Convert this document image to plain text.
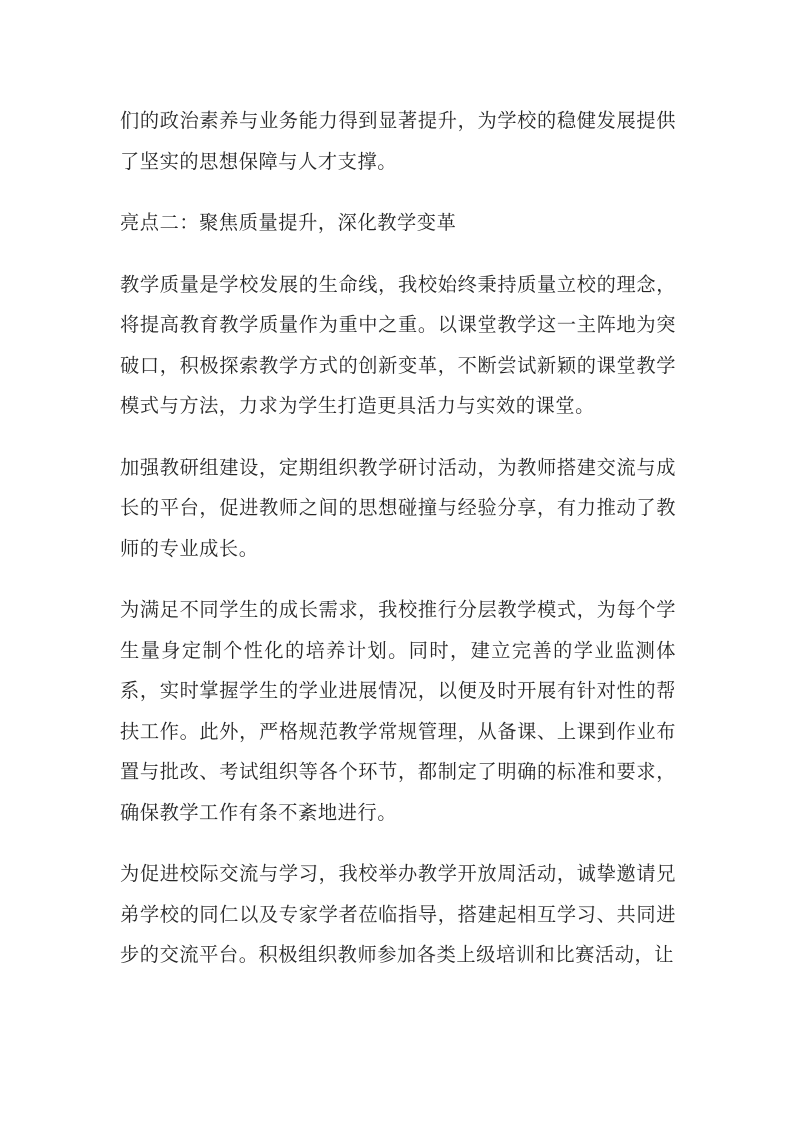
们的政治素养与业务能力得到显著提升，为学校的稳健发展提供了坚实的思想保障与人才支撑。

亮点二：聚焦质量提升，深化教学变革

教学质量是学校发展的生命线，我校始终秉持质量立校的理念，将提高教育教学质量作为重中之重。以课堂教学这一主阵地为突破口，积极探索教学方式的创新变革，不断尝试新颖的课堂教学模式与方法，力求为学生打造更具活力与实效的课堂。

加强教研组建设，定期组织教学研讨活动，为教师搭建交流与成长的平台，促进教师之间的思想碰撞与经验分享，有力推动了教师的专业成长。

为满足不同学生的成长需求，我校推行分层教学模式，为每个学生量身定制个性化的培养计划。同时，建立完善的学业监测体系，实时掌握学生的学业进展情况，以便及时开展有针对性的帮扶工作。此外，严格规范教学常规管理，从备课、上课到作业布置与批改、考试组织等各个环节，都制定了明确的标准和要求，确保教学工作有条不紊地进行。

为促进校际交流与学习，我校举办教学开放周活动，诚挚邀请兄弟学校的同仁以及专家学者莅临指导，搭建起相互学习、共同进步的交流平台。积极组织教师参加各类上级培训和比赛活动，让
